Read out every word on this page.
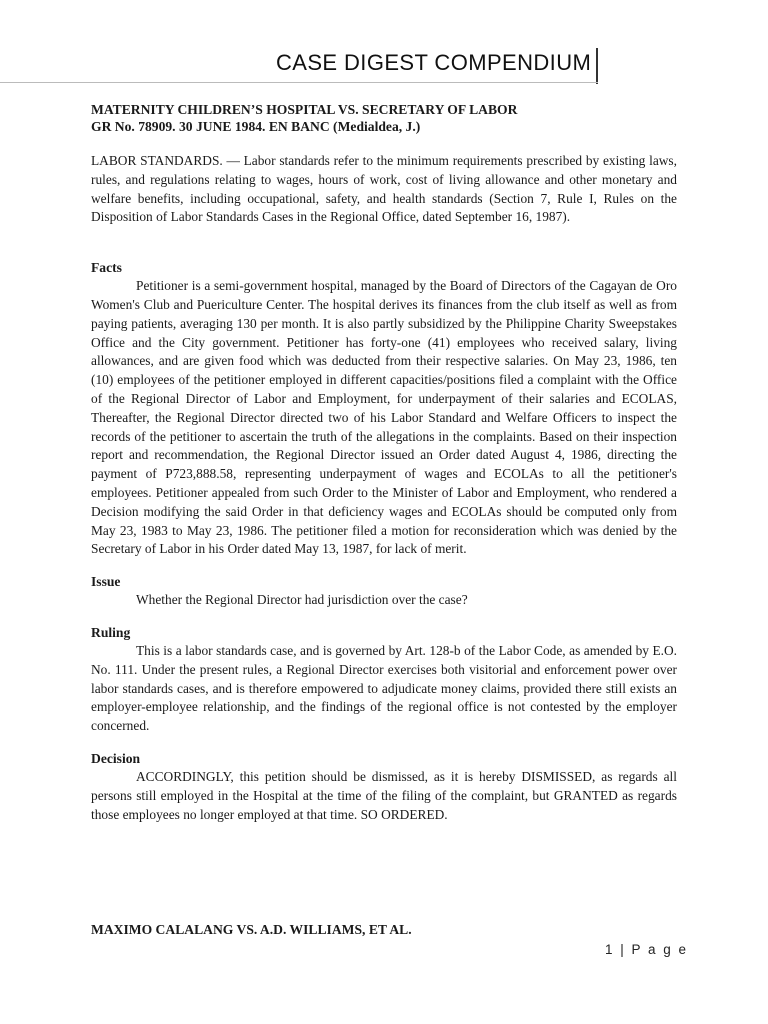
CASE DIGEST COMPENDIUM
MATERNITY CHILDREN’S HOSPITAL VS. SECRETARY OF LABOR
GR No. 78909. 30 JUNE 1984. EN BANC (Medialdea, J.)

LABOR STANDARDS. — Labor standards refer to the minimum requirements prescribed by existing laws, rules, and regulations relating to wages, hours of work, cost of living allowance and other monetary and welfare benefits, including occupational, safety, and health standards (Section 7, Rule I, Rules on the Disposition of Labor Standards Cases in the Regional Office, dated September 16, 1987).

Facts

Petitioner is a semi-government hospital, managed by the Board of Directors of the Cagayan de Oro Women's Club and Puericulture Center. The hospital derives its finances from the club itself as well as from paying patients, averaging 130 per month. It is also partly subsidized by the Philippine Charity Sweepstakes Office and the City government. Petitioner has forty-one (41) employees who received salary, living allowances, and are given food which was deducted from their respective salaries. On May 23, 1986, ten (10) employees of the petitioner employed in different capacities/positions filed a complaint with the Office of the Regional Director of Labor and Employment, for underpayment of their salaries and ECOLAS, Thereafter, the Regional Director directed two of his Labor Standard and Welfare Officers to inspect the records of the petitioner to ascertain the truth of the allegations in the complaints. Based on their inspection report and recommendation, the Regional Director issued an Order dated August 4, 1986, directing the payment of P723,888.58, representing underpayment of wages and ECOLAs to all the petitioner's employees. Petitioner appealed from such Order to the Minister of Labor and Employment, who rendered a Decision modifying the said Order in that deficiency wages and ECOLAs should be computed only from May 23, 1983 to May 23, 1986. The petitioner filed a motion for reconsideration which was denied by the Secretary of Labor in his Order dated May 13, 1987, for lack of merit.

Issue

Whether the Regional Director had jurisdiction over the case?

Ruling

This is a labor standards case, and is governed by Art. 128-b of the Labor Code, as amended by E.O. No. 111. Under the present rules, a Regional Director exercises both visitorial and enforcement power over labor standards cases, and is therefore empowered to adjudicate money claims, provided there still exists an employer-employee relationship, and the findings of the regional office is not contested by the employer concerned.

Decision

ACCORDINGLY, this petition should be dismissed, as it is hereby DISMISSED, as regards all persons still employed in the Hospital at the time of the filing of the complaint, but GRANTED as regards those employees no longer employed at that time. SO ORDERED.

MAXIMO CALALANG VS. A.D. WILLIAMS, ET AL.
1 | P a g e
